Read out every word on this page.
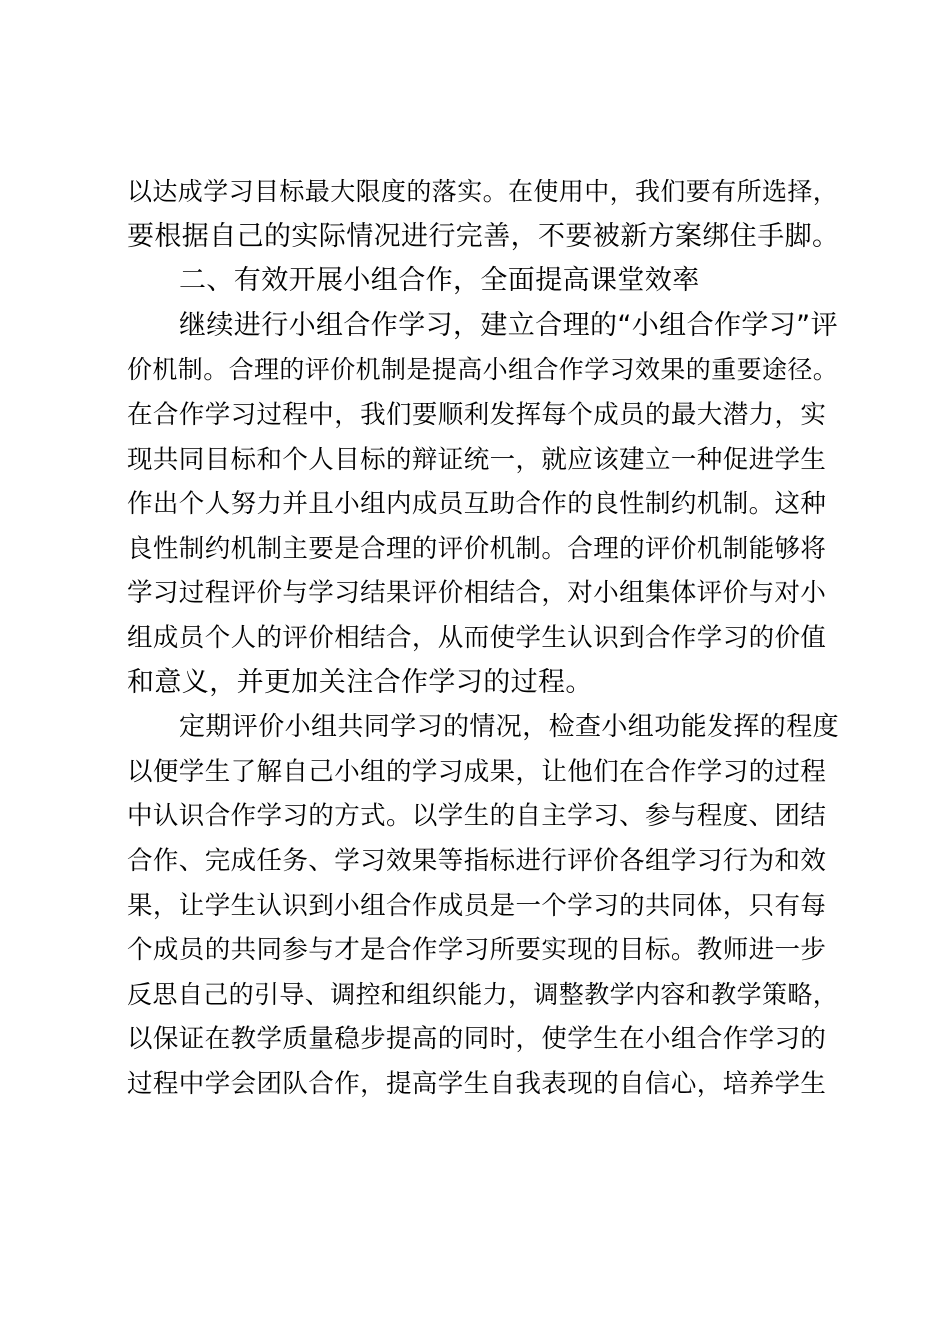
以达成学习目标最大限度的落实。在使用中，我们要有所选择，
要根据自己的实际情况进行完善，不要被新方案绑住手脚。
二、有效开展小组合作，全面提高课堂效率
继续进行小组合作学习，建立合理的“小组合作学习”评
价机制。合理的评价机制是提高小组合作学习效果的重要途径。
在合作学习过程中，我们要顺利发挥每个成员的最大潜力，实
现共同目标和个人目标的辩证统一，就应该建立一种促进学生
作出个人努力并且小组内成员互助合作的良性制约机制。这种
良性制约机制主要是合理的评价机制。合理的评价机制能够将
学习过程评价与学习结果评价相结合，对小组集体评价与对小
组成员个人的评价相结合，从而使学生认识到合作学习的价值
和意义，并更加关注合作学习的过程。
定期评价小组共同学习的情况，检查小组功能发挥的程度
以便学生了解自己小组的学习成果，让他们在合作学习的过程
中认识合作学习的方式。以学生的自主学习、参与程度、团结
合作、完成任务、学习效果等指标进行评价各组学习行为和效
果，让学生认识到小组合作成员是一个学习的共同体，只有每
个成员的共同参与才是合作学习所要实现的目标。教师进一步
反思自己的引导、调控和组织能力，调整教学内容和教学策略，
以保证在教学质量稳步提高的同时，使学生在小组合作学习的
过程中学会团队合作，提高学生自我表现的自信心，培养学生
